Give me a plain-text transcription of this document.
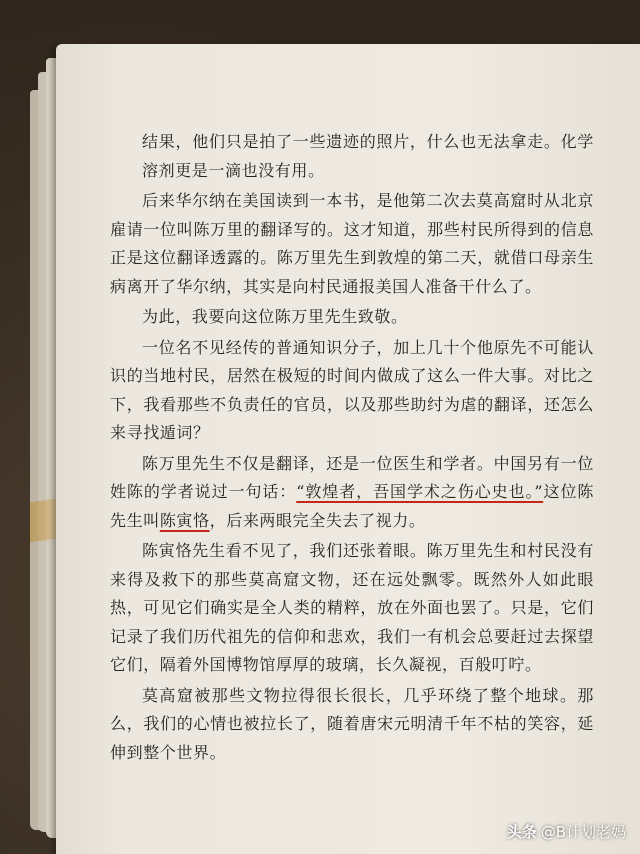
结果，他们只是拍了一些遗迹的照片，什么也无法拿走。化学溶剂更是一滴也没有用。

后来华尔纳在美国读到一本书，是他第二次去莫高窟时从北京雇请一位叫陈万里的翻译写的。这才知道，那些村民所得到的信息正是这位翻译透露的。陈万里先生到敦煌的第二天，就借口母亲生病离开了华尔纳，其实是向村民通报美国人准备干什么了。

为此，我要向这位陈万里先生致敬。

一位名不见经传的普通知识分子，加上几十个他原先不可能认识的当地村民，居然在极短的时间内做成了这么一件大事。对比之下，我看那些不负责任的官员，以及那些助纣为虐的翻译，还怎么来寻找遁词？

陈万里先生不仅是翻译，还是一位医生和学者。中国另有一位姓陈的学者说过一句话：“敦煌者，吾国学术之伤心史也。”这位陈先生叫陈寅恪，后来两眼完全失去了视力。

陈寅恪先生看不见了，我们还张着眼。陈万里先生和村民没有来得及救下的那些莫高窟文物，还在远处飘零。既然外人如此眼热，可见它们确实是全人类的精粹，放在外面也罢了。只是，它们记录了我们历代祖先的信仰和悲欢，我们一有机会总要赶过去探望它们，隔着外国博物馆厚厚的玻璃，长久凝视，百般叮咛。

莫高窟被那些文物拉得很长很长，几乎环绕了整个地球。那么，我们的心情也被拉长了，随着唐宋元明清千年不枯的笑容，延伸到整个世界。

头条 @B计划老妈
